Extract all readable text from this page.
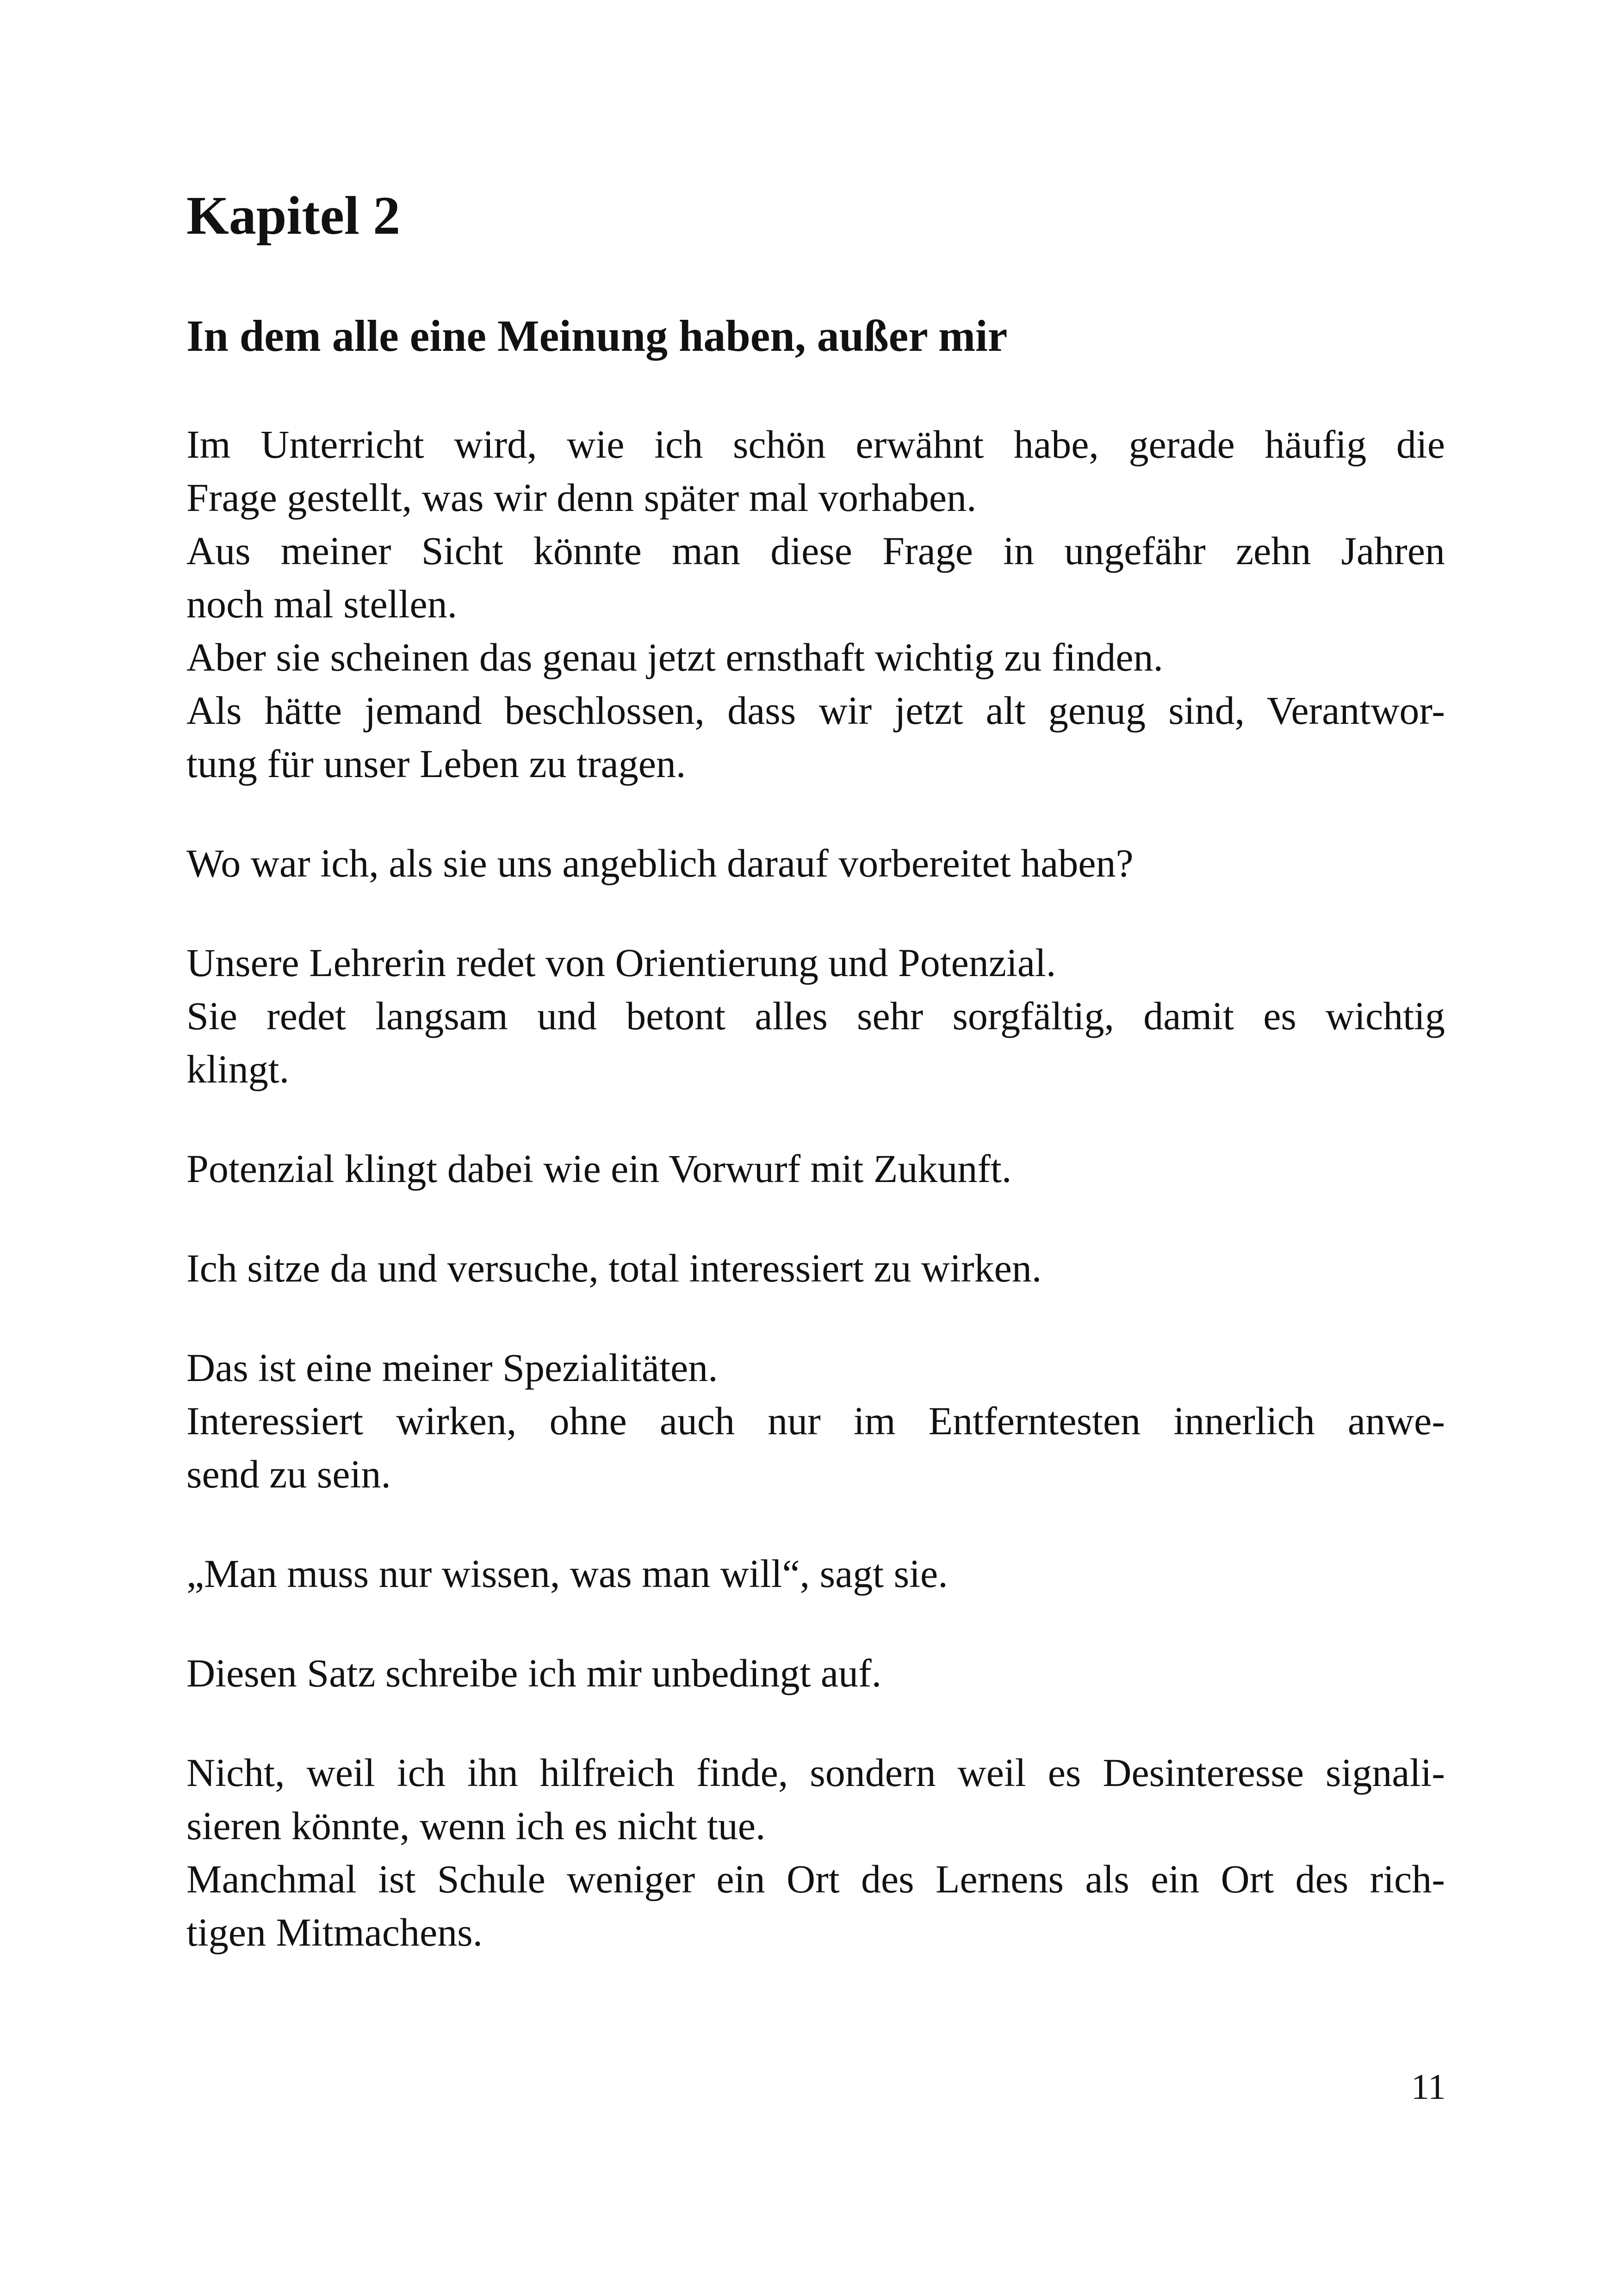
Kapitel 2
In dem alle eine Meinung haben, außer mir
Im Unterricht wird, wie ich schön erwähnt habe, gerade häufig die
Frage gestellt, was wir denn später mal vorhaben.
Aus meiner Sicht könnte man diese Frage in ungefähr zehn Jahren
noch mal stellen.
Aber sie scheinen das genau jetzt ernsthaft wichtig zu finden.
Als hätte jemand beschlossen, dass wir jetzt alt genug sind, Verantwor-
tung für unser Leben zu tragen.
Wo war ich, als sie uns angeblich darauf vorbereitet haben?
Unsere Lehrerin redet von Orientierung und Potenzial.
Sie redet langsam und betont alles sehr sorgfältig, damit es wichtig
klingt.
Potenzial klingt dabei wie ein Vorwurf mit Zukunft.
Ich sitze da und versuche, total interessiert zu wirken.
Das ist eine meiner Spezialitäten.
Interessiert wirken, ohne auch nur im Entferntesten innerlich anwe-
send zu sein.
„Man muss nur wissen, was man will“, sagt sie.
Diesen Satz schreibe ich mir unbedingt auf.
Nicht, weil ich ihn hilfreich finde, sondern weil es Desinteresse signali-
sieren könnte, wenn ich es nicht tue.
Manchmal ist Schule weniger ein Ort des Lernens als ein Ort des rich-
tigen Mitmachens.
11
